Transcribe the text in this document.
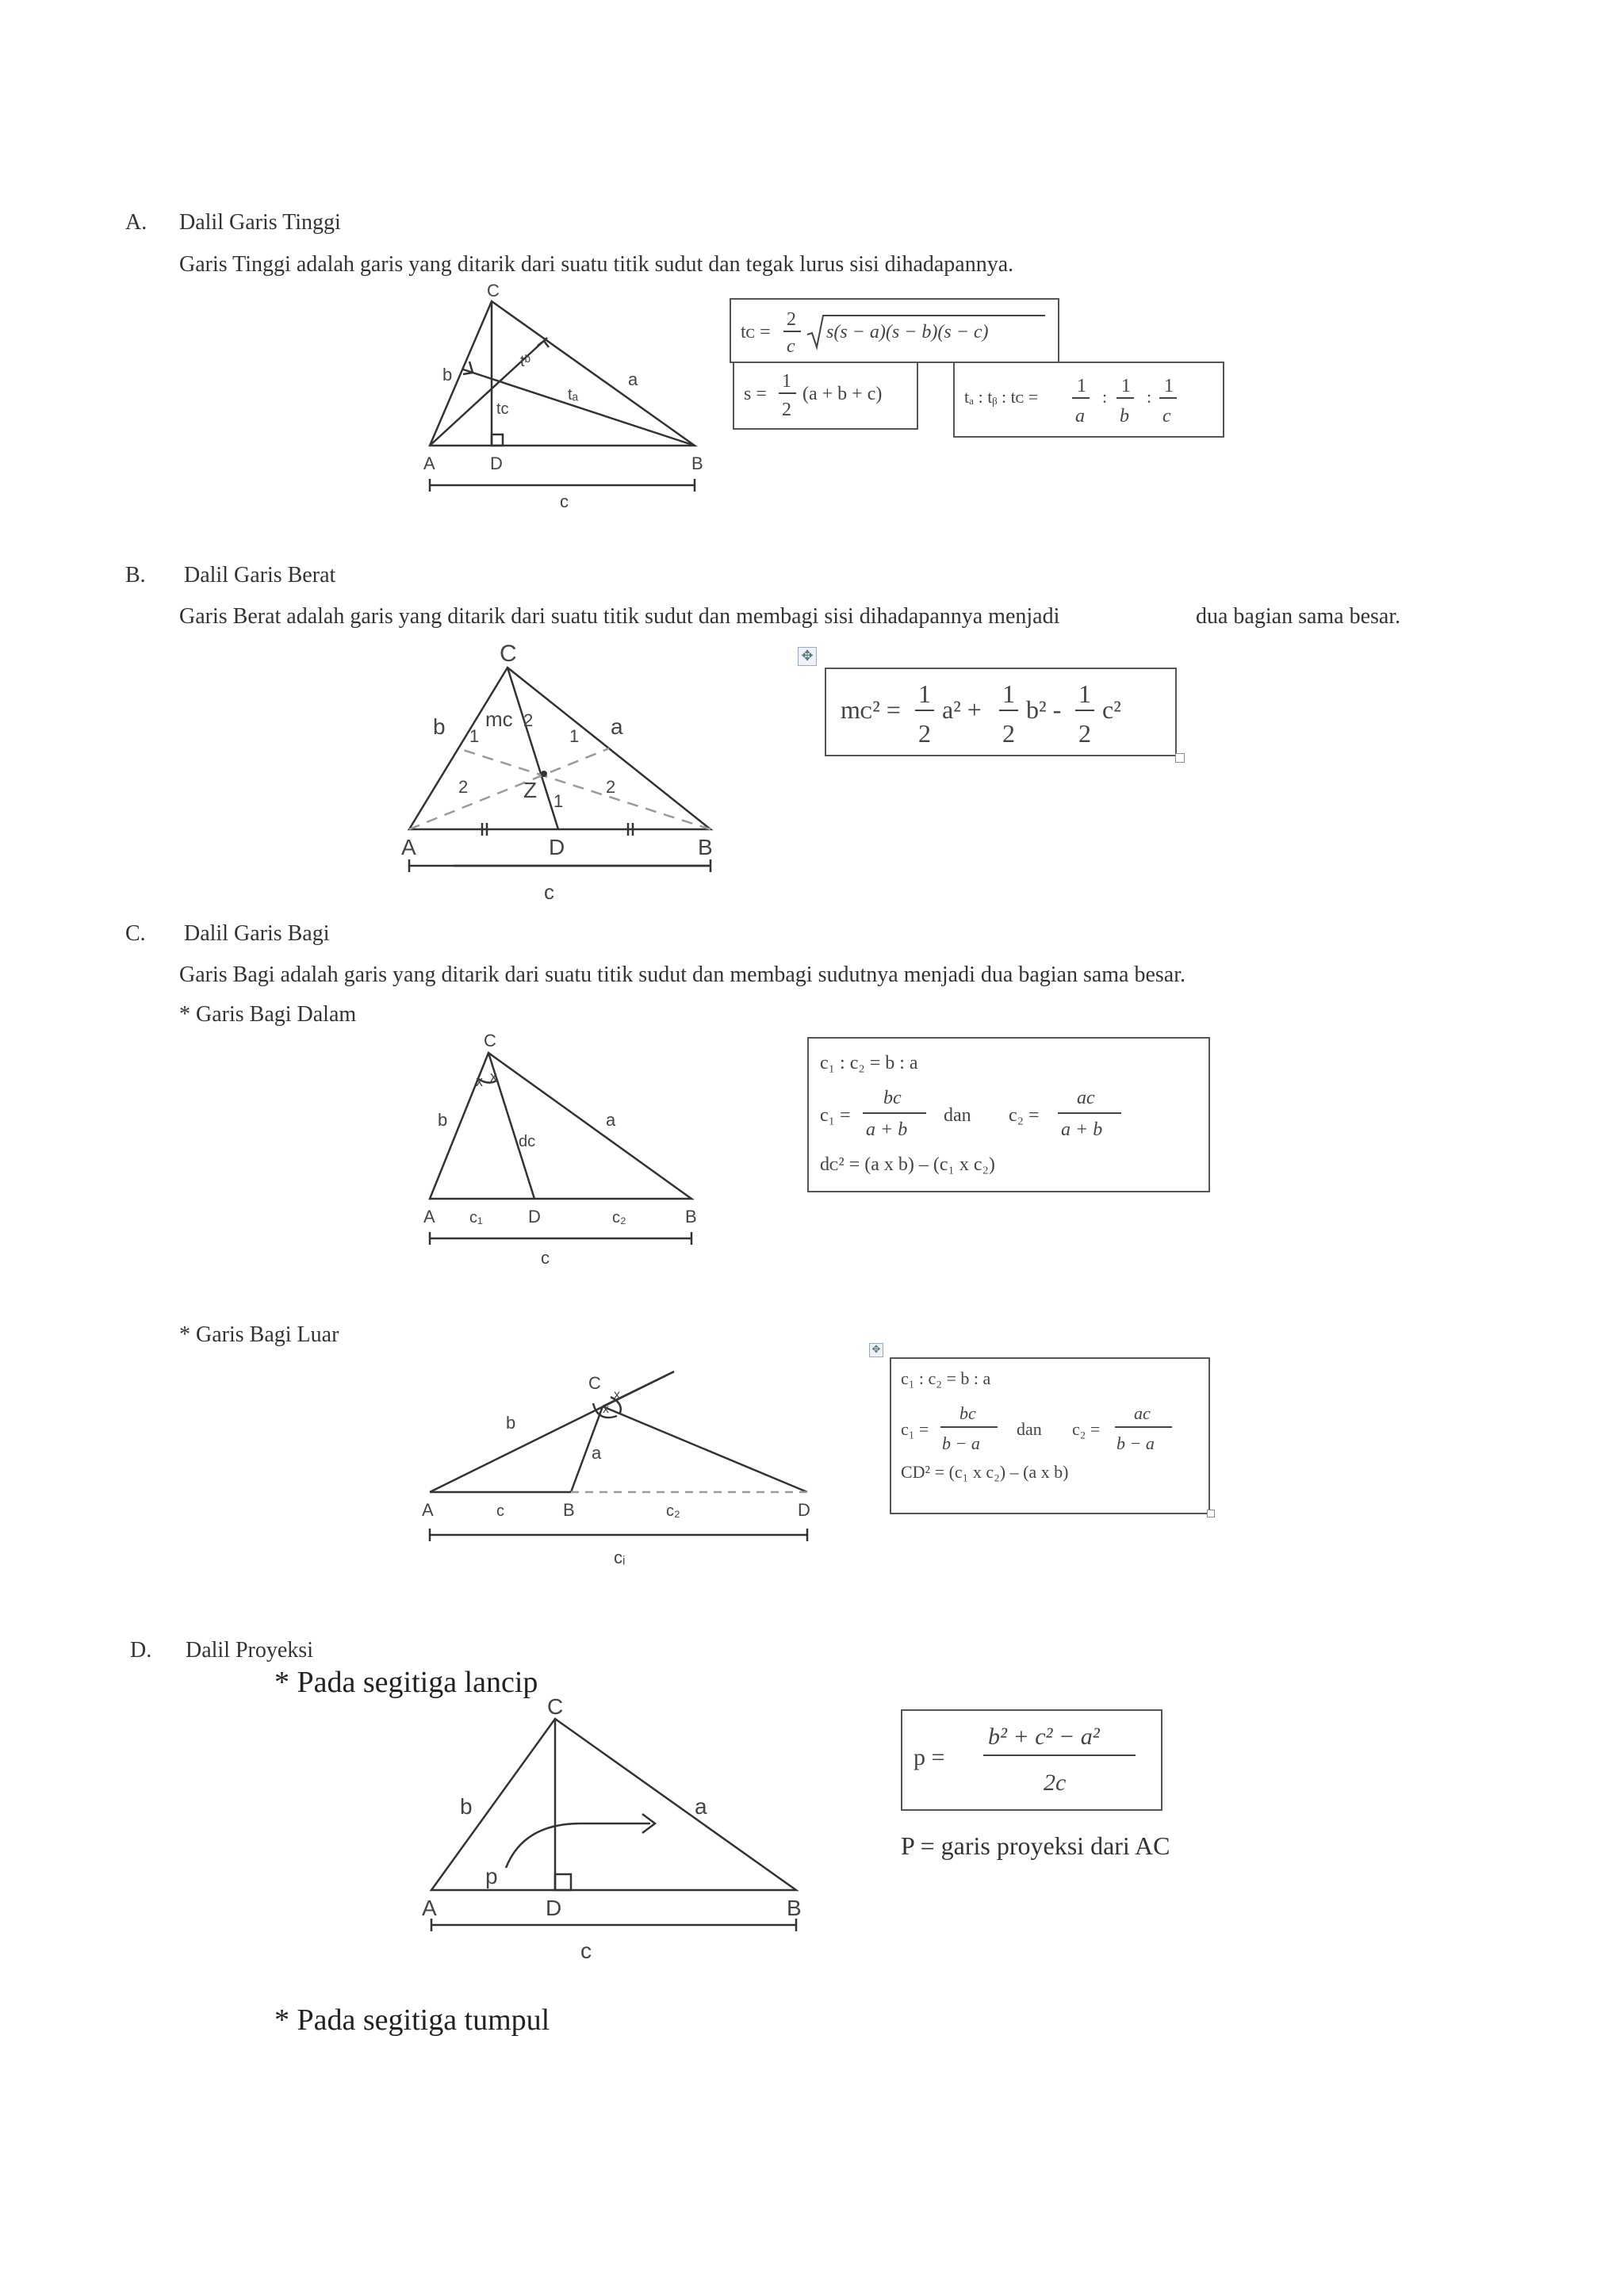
A. Dalil Garis Tinggi
Garis Tinggi adalah garis yang ditarik dari suatu titik sudut dan tegak lurus sisi dihadapannya.
C
A	B
D
b	a
tᴄ
tᵇ
tₐ
c
tᴄ =
2
c
s(s − a)(s − b)(s − c)
s =
1
2
(a + b + c)	tₐ : tᵦ : tᴄ =
1
a
:
1
b
:
1
c
B. Dalil Garis Berat
Garis Berat adalah garis yang ditarik dari suatu titik sudut dan membagi sisi dihadapannya menjadi	dua bagian sama besar.
C
A	B
D
Z
b	a
mᴄ 2
1	1
2	2
1
c
✥
mᴄ² =
1
2
a² +
1
2
b² -
1
2
c²
C. Dalil Garis Bagi
Garis Bagi adalah garis yang ditarik dari suatu titik sudut dan membagi sudutnya menjadi dua bagian sama besar.
* Garis Bagi Dalam
C
A	B
D
x x
b	a
dᴄ
c₁	c₂
c
c₁ : c₂ = b : a
c₁ =
bc
a + b
dan c₂ =
ac
a + b
dᴄ² = (a x b) – (c₁ x c₂)
* Garis Bagi Luar
C
A	B	D
x
x
b
a
c	c₂
cᵢ
✥
c₁ : c₂ = b : a
c₁ =
bc
b − a
dan c₂ =
ac
b − a
CD² = (c₁ x c₂) – (a x b)
D. Dalil Proyeksi
* Pada segitiga lancip
C
A	B
D
b	a
p
c
p =
b² + c² − a²
2c
P = garis proyeksi dari AC
* Pada segitiga tumpul
